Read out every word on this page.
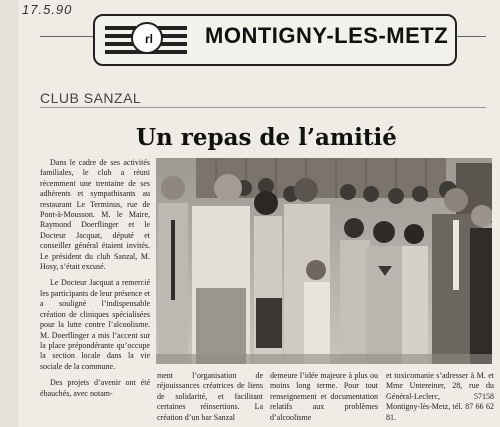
17.5.90
rl	MONTIGNY-LES-METZ
CLUB SANZAL
Un repas de l’amitié

Dans le cadre de ses activités familiales, le club a réuni récemment une trentaine de ses adhérents et sympathisants au restaurant Le Terminus, rue de Pont-à-Mousson. M. le Maire, Raymond Doerflinger et le Docteur Jacquat, député et conseiller général étaient invités. Le président du club Sanzal, M. Hosy, s’était excusé.

Le Docteur Jacquat a remercié les participants de leur présence et a souligné l’indispensable création de cliniques spécialisées pour la lutte contre l’alcoolisme. M. Doerflinger a mis l’accent sur la place prépondérante qu’occupe la section locale dans la vie sociale de la commune.

Des projets d’avenir ont été ébauchés, avec notam-

ment l’organisation de réjouissances créatrices de liens de solidarité, et facilitant certaines réinsertions. La création d’un bar Sanzal
demeure l’idée majeure à plus ou moins long terme. Pour tout renseignement et documentation relatifs aux problèmes d’alcoolisme
et toxicomanie s’adresser à M. et Mme Untereiner, 28, rue du Général-Leclerc, 57158 Montigny-lès-Metz, tél. 87 66 62 81.
